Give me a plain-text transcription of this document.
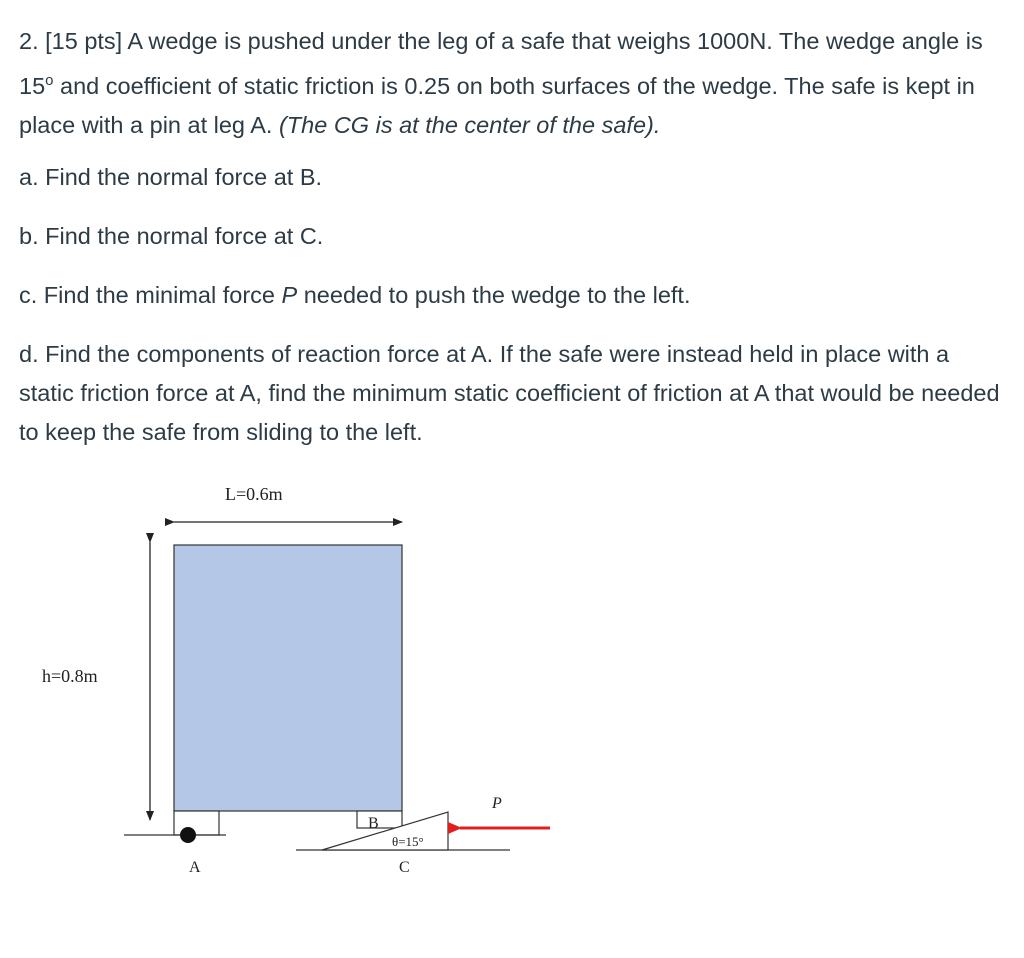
2. [15 pts] A wedge is pushed under the leg of a safe that weighs 1000N. The wedge angle is 15$^o$ and coefficient of static friction is 0.25 on both surfaces of the wedge. The safe is kept in place with a pin at leg A. (The CG is at the center of the safe).

a. Find the normal force at B.

b. Find the normal force at C.

c. Find the minimal force P needed to push the wedge to the left.

d. Find the components of reaction force at A. If the safe were instead held in place with a static friction force at A, find the minimum static coefficient of friction at A that would be needed to keep the safe from sliding to the left.

L=0.6m
h=0.8m
B
θ=15°
C
A
P
